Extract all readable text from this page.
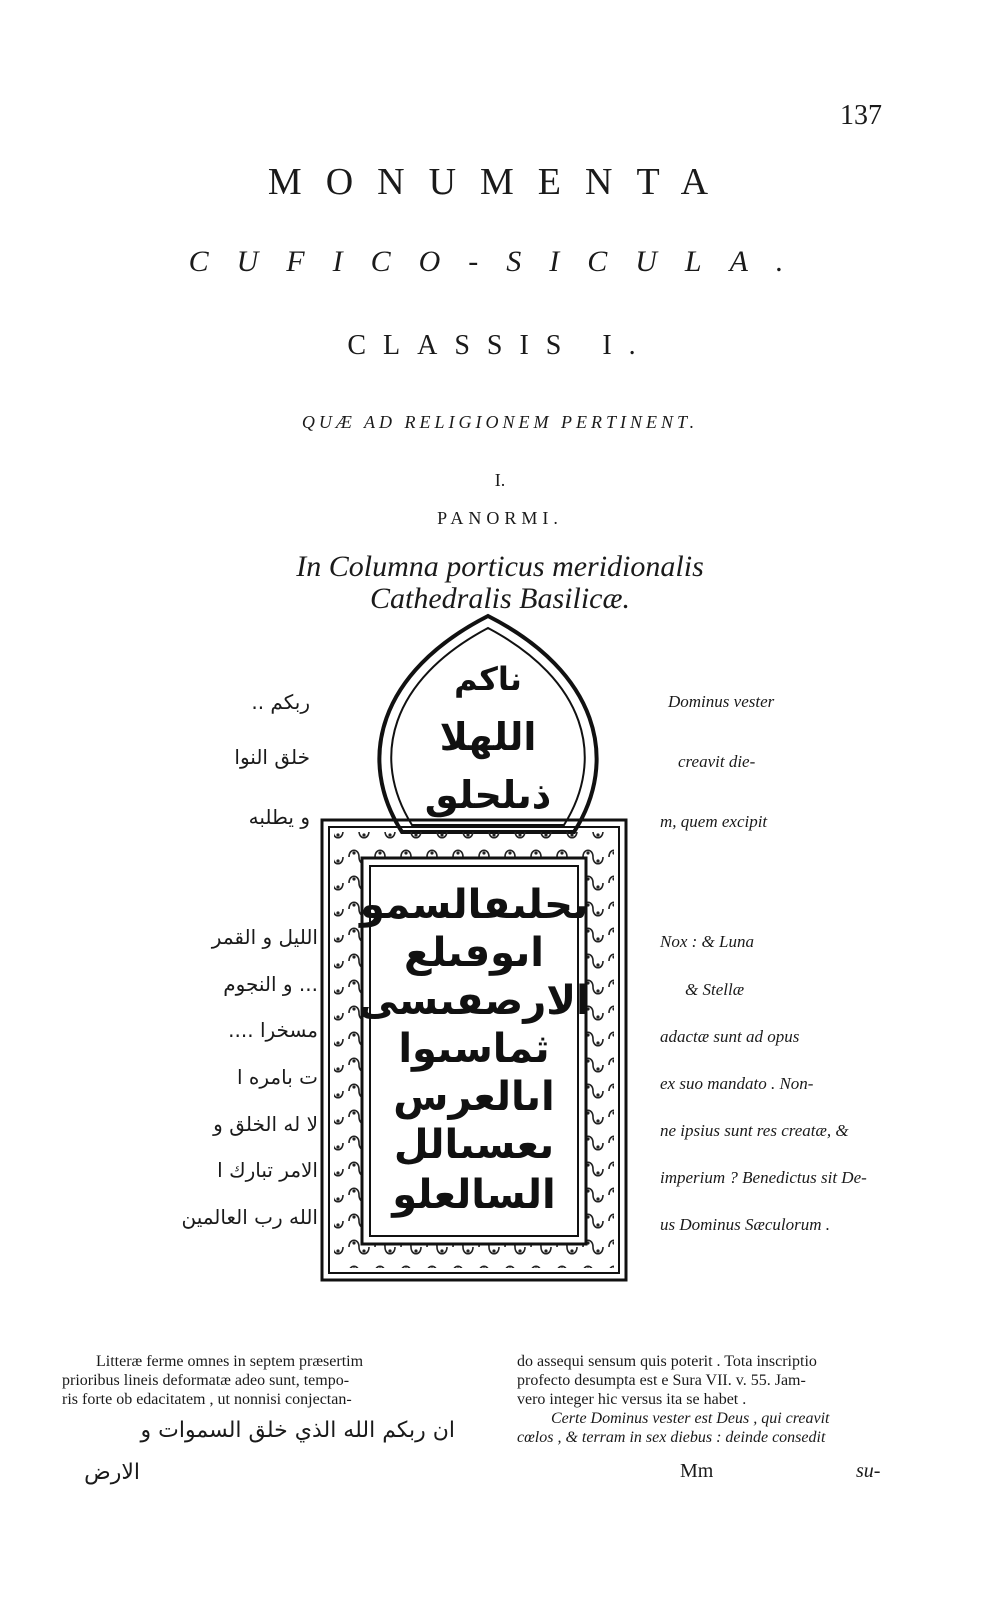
137
MONUMENTA
CUFICO-SICULA.
CLASSIS I.
QUÆ AD RELIGIONEM PERTINENT.
I.
PANORMI.
In Columna porticus meridionalis
Cathedralis Basilicæ.
ربكم ..
خلق النوا
و يطلبه
الليل و القمر
... و النجوم
مسخرا ....
ت بامره ا
لا له الخلق و
الامر تبارك ا
الله رب العالمين
Dominus vester
creavit die-
m, quem excipit
Nox : & Luna
& Stellæ
adactæ sunt ad opus
ex suo mandato . Non-
ne ipsius sunt res creatæ, &
imperium ? Benedictus sit De-
us Dominus Sæculorum .
ناكم
اللهلا
ذىلحلٯ
ىحلىٯالسمو
اىوٯىلع
الارصڡىسى
ثماسىوا
اىالعرس
ىعسىالل
السالعلو
Litteræ ferme omnes in septem præsertim
prioribus lineis deformatæ adeo sunt, tempo-
ris forte ob edacitatem , ut nonnisi conjectan-
ان ربكم الله الذي خلق السموات و
الارض
do assequi sensum quis poterit . Tota inscriptio
profecto desumpta est e Sura VII. v. 55. Jam-
vero integer hic versus ita se habet .
Certe Dominus vester est Deus , qui creavit
cœlos , & terram in sex diebus : deinde consedit
Mm	su-
